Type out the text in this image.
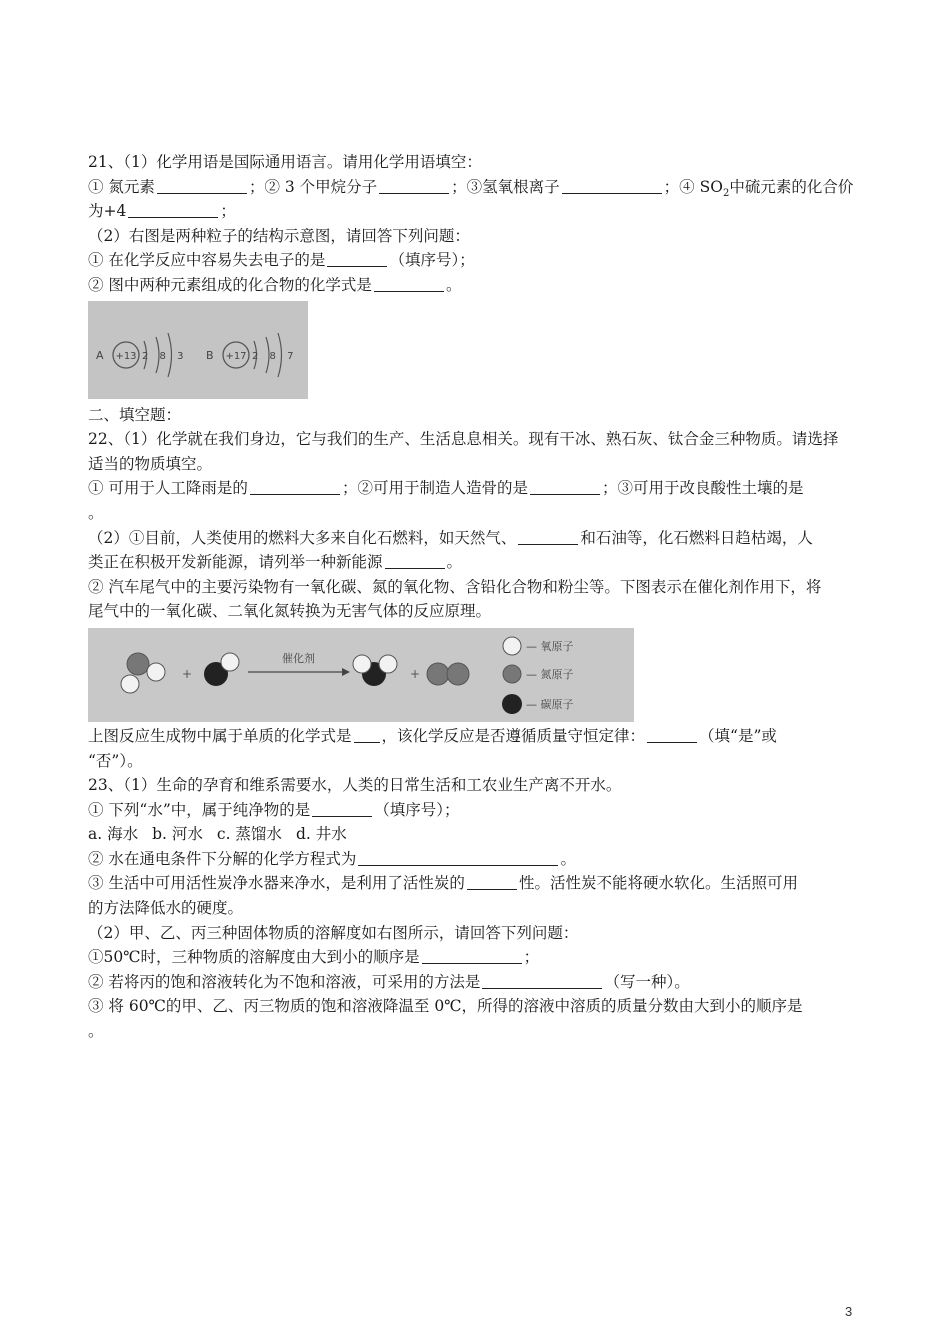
21、（1）化学用语是国际通用语言。请用化学用语填空：
① 氮元素	；② 3 个甲烷分子	；③氢氧根离子	；④ $SO_2$中硫元素的化合价
为+4	；
（2）右图是两种粒子的结构示意图，请回答下列问题：
① 在化学反应中容易失去电子的是	（填序号）；
② 图中两种元素组成的化合物的化学式是	。
A +13 2 8 3 B +17 2 8 7
二、填空题：
22、（1）化学就在我们身边，它与我们的生产、生活息息相关。现有干冰、熟石灰、钛合金三种物质。请选择
适当的物质填空。
① 可用于人工降雨是的	；②可用于制造人造骨的是	；③可用于改良酸性土壤的是
。
（2）①目前，人类使用的燃料大多来自化石燃料，如天然气、	和石油等，化石燃料日趋枯竭，人
类正在积极开发新能源，请列举一种新能源	。
② 汽车尾气中的主要污染物有一氧化碳、氮的氧化物、含铅化合物和粉尘等。下图表示在催化剂作用下，将
尾气中的一氧化碳、二氧化氮转换为无害气体的反应原理。
+
催化剂
+
— 氧原子
— 氮原子
— 碳原子
上图反应生成物中属于单质的化学式是 ，该化学反应是否遵循质量守恒定律：	（填“是”或
“否”）。
23、（1）生命的孕育和维系需要水，人类的日常生活和工农业生产离不开水。
① 下列“水”中，属于纯净物的是	（填序号）；
a. 海水 b. 河水 c. 蒸馏水 d. 井水
② 水在通电条件下分解的化学方程式为	。
③ 生活中可用活性炭净水器来净水，是利用了活性炭的	性。活性炭不能将硬水软化。生活照可用
的方法降低水的硬度。
（2）甲、乙、丙三种固体物质的溶解度如右图所示，请回答下列问题：
①50℃时，三种物质的溶解度由大到小的顺序是	；
② 若将丙的饱和溶液转化为不饱和溶液，可采用的方法是	（写一种）。
③ 将 60℃的甲、乙、丙三物质的饱和溶液降温至 0℃，所得的溶液中溶质的质量分数由大到小的顺序是
。
3
